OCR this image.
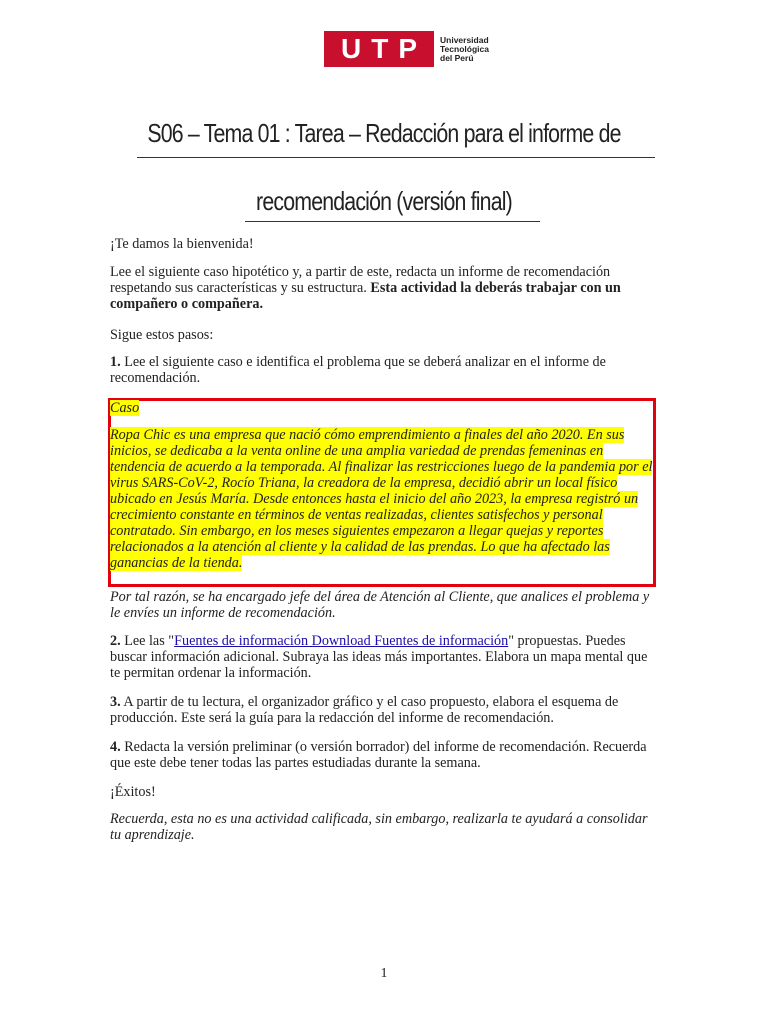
U T P	Universidad
Tecnológica
del Perú
S06 – Tema 01 : Tarea – Redacción para el informe de
recomendación (versión final)

¡Te damos la bienvenida!

Lee el siguiente caso hipotético y, a partir de este, redacta un informe de recomendación respetando sus características y su estructura. Esta actividad la deberás trabajar con un compañero o compañera.

Sigue estos pasos:

1. Lee el siguiente caso e identifica el problema que se deberá analizar en el informe de recomendación.

Caso

Ropa Chic es una empresa que nació cómo emprendimiento a finales del año 2020. En sus inicios, se dedicaba a la venta online de una amplia variedad de prendas femeninas en tendencia de acuerdo a la temporada. Al finalizar las restricciones luego de la pandemia por el virus SARS-CoV-2, Rocío Triana, la creadora de la empresa, decidió abrir un local físico ubicado en Jesús María. Desde entonces hasta el inicio del año 2023, la empresa registró un crecimiento constante en términos de ventas realizadas, clientes satisfechos y personal contratado. Sin embargo, en los meses siguientes empezaron a llegar quejas y reportes relacionados a la atención al cliente y la calidad de las prendas. Lo que ha afectado las ganancias de la tienda.

Por tal razón, se ha encargado jefe del área de Atención al Cliente, que analices el problema y le envíes un informe de recomendación.

2. Lee las "Fuentes de información Download Fuentes de información" propuestas. Puedes buscar información adicional. Subraya las ideas más importantes. Elabora un mapa mental que te permitan ordenar la información.

3. A partir de tu lectura, el organizador gráfico y el caso propuesto, elabora el esquema de producción. Este será la guía para la redacción del informe de recomendación.

4. Redacta la versión preliminar (o versión borrador) del informe de recomendación. Recuerda que este debe tener todas las partes estudiadas durante la semana.

¡Éxitos!

Recuerda, esta no es una actividad calificada, sin embargo, realizarla te ayudará a consolidar tu aprendizaje.

1
